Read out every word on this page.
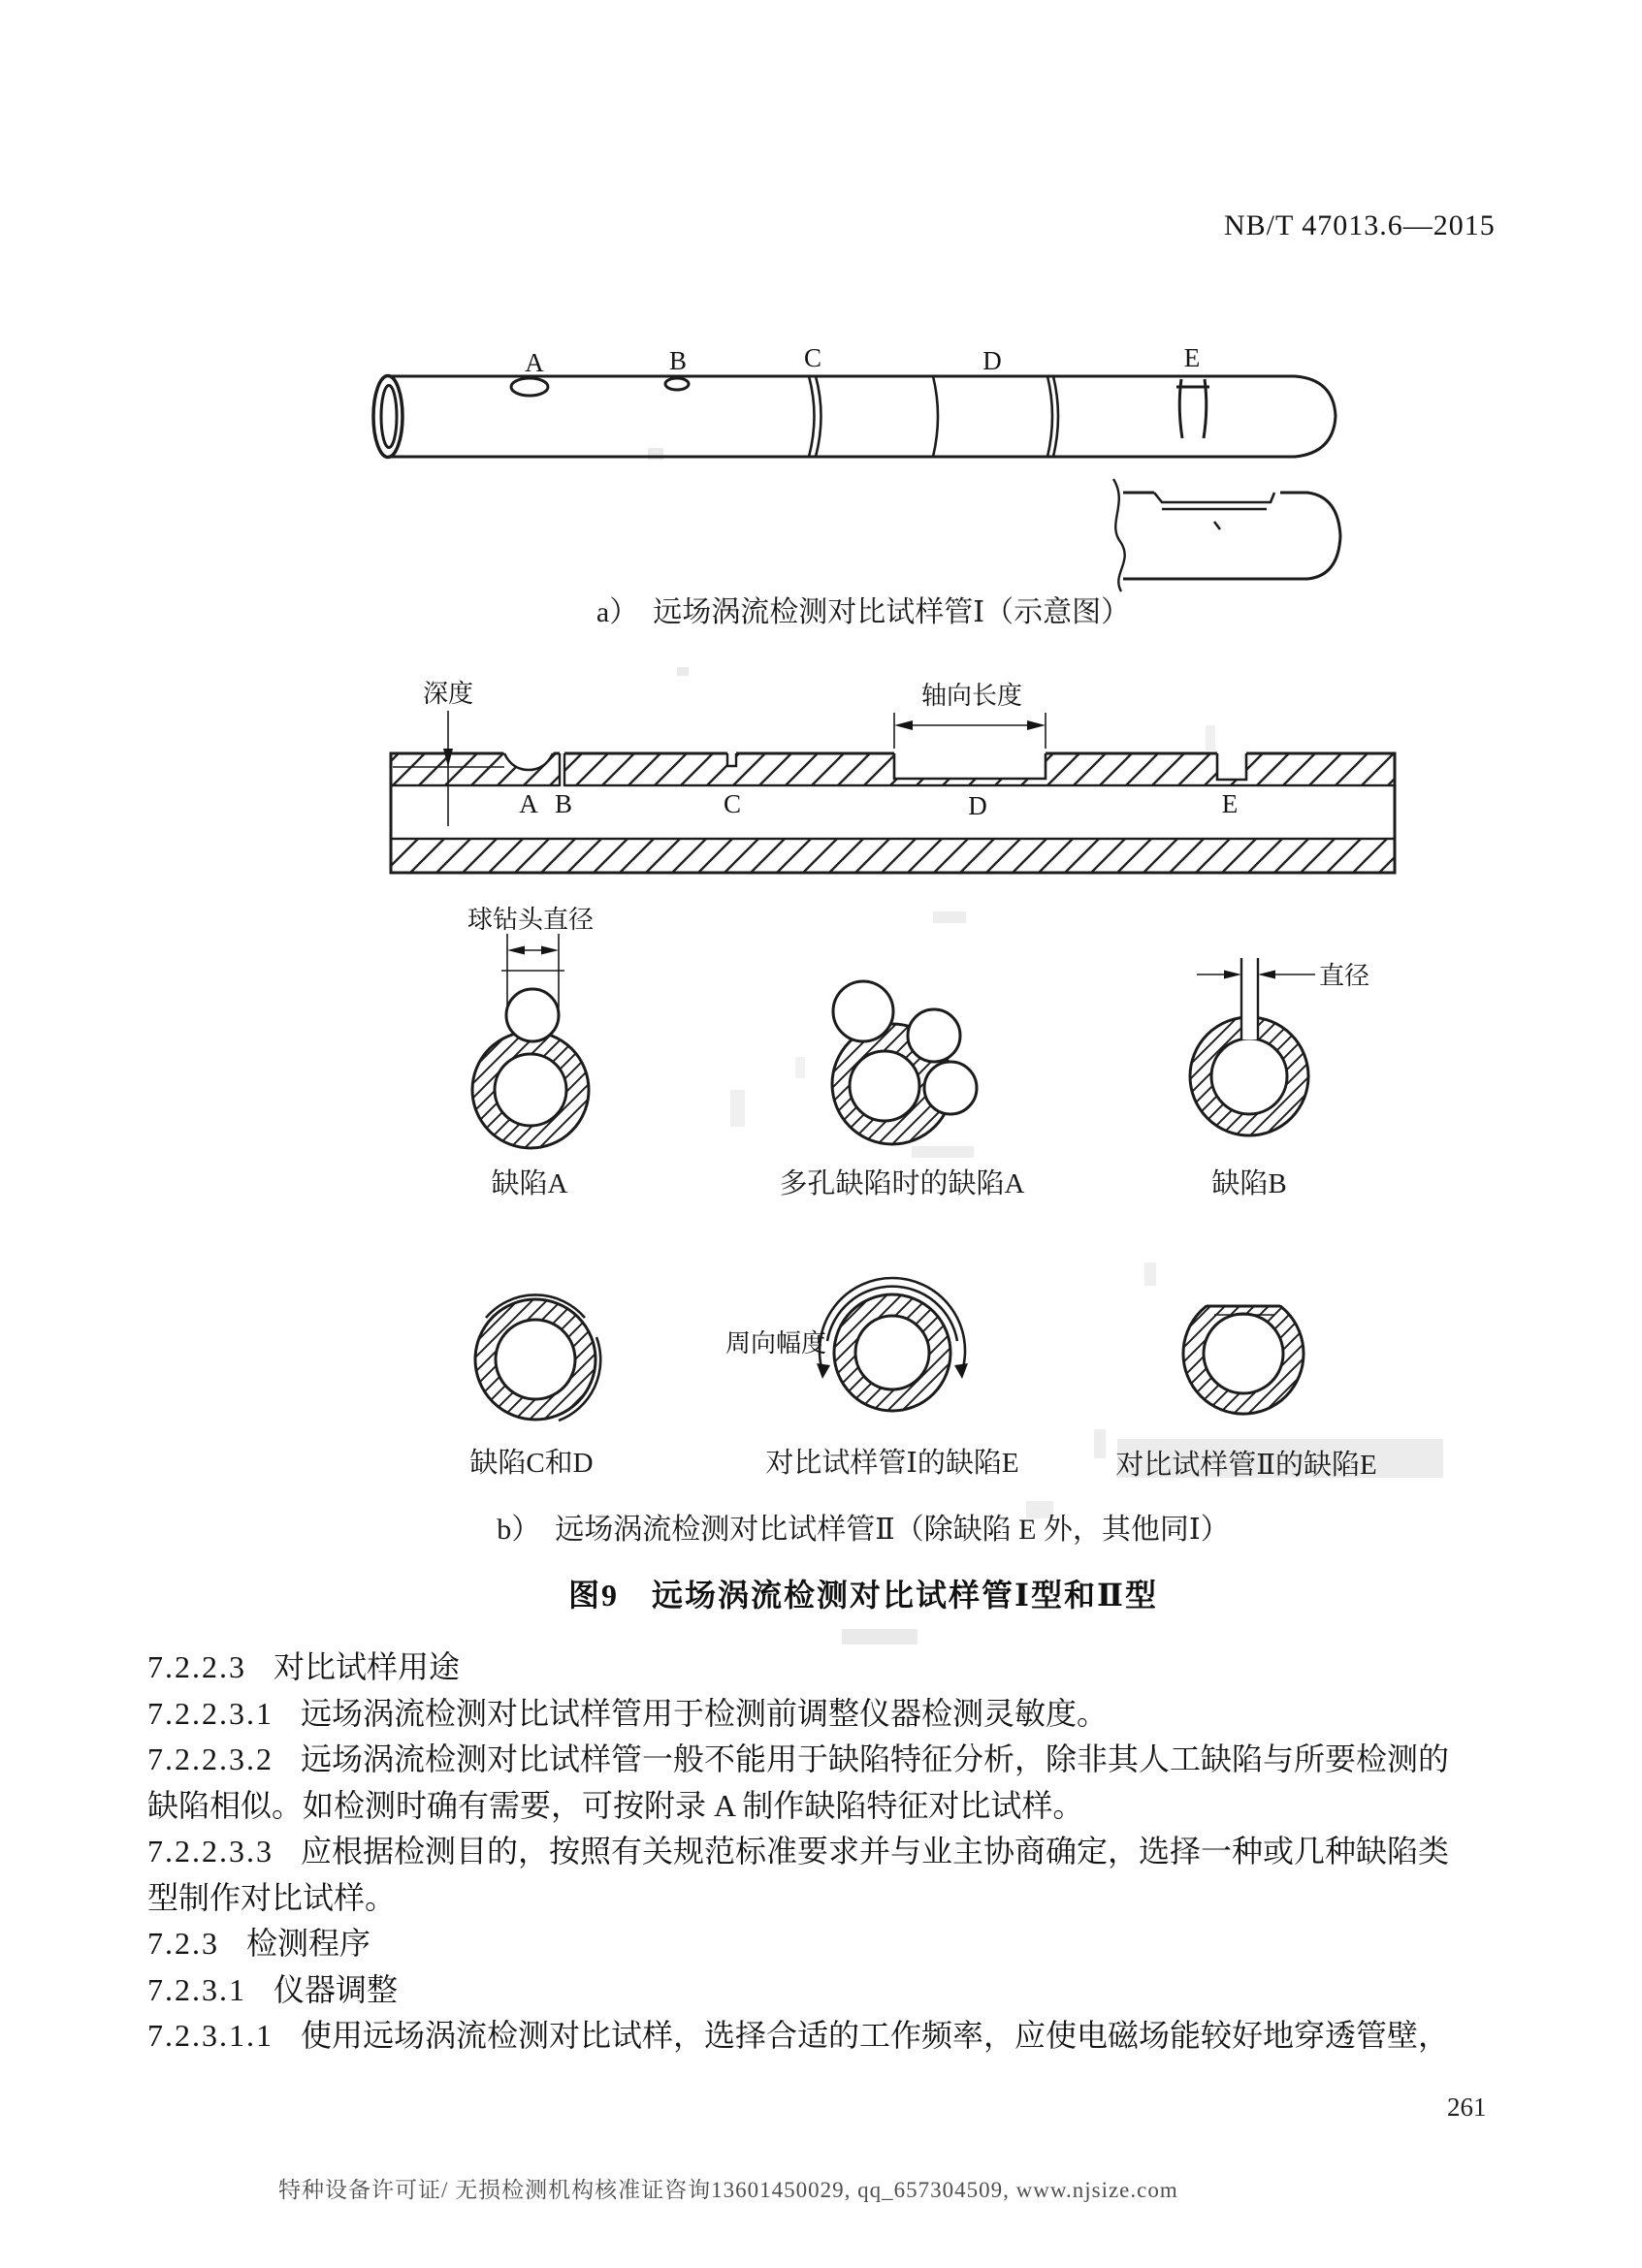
NB/T 47013.6—2015
A	B	C	D	E
深度	轴向长度
A B	C	D	E
球钻头直径
直径
周向幅度
a）　远场涡流检测对比试样管Ⅰ（示意图）
缺陷A	多孔缺陷时的缺陷A	缺陷B
缺陷C和D	对比试样管Ⅰ的缺陷E	对比试样管Ⅱ的缺陷E
b）　远场涡流检测对比试样管Ⅱ（除缺陷 E 外，其他同Ⅰ）
图9　远场涡流检测对比试样管Ⅰ型和Ⅱ型
7.2.2.3 对比试样用途
7.2.2.3.1 远场涡流检测对比试样管用于检测前调整仪器检测灵敏度。
7.2.2.3.2 远场涡流检测对比试样管一般不能用于缺陷特征分析，除非其人工缺陷与所要检测的
缺陷相似。如检测时确有需要，可按附录 A 制作缺陷特征对比试样。
7.2.2.3.3 应根据检测目的，按照有关规范标准要求并与业主协商确定，选择一种或几种缺陷类
型制作对比试样。
7.2.3 检测程序
7.2.3.1 仪器调整
7.2.3.1.1 使用远场涡流检测对比试样，选择合适的工作频率，应使电磁场能较好地穿透管壁，
261
特种设备许可证/ 无损检测机构核准证咨询13601450029, qq_657304509, www.njsize.com
